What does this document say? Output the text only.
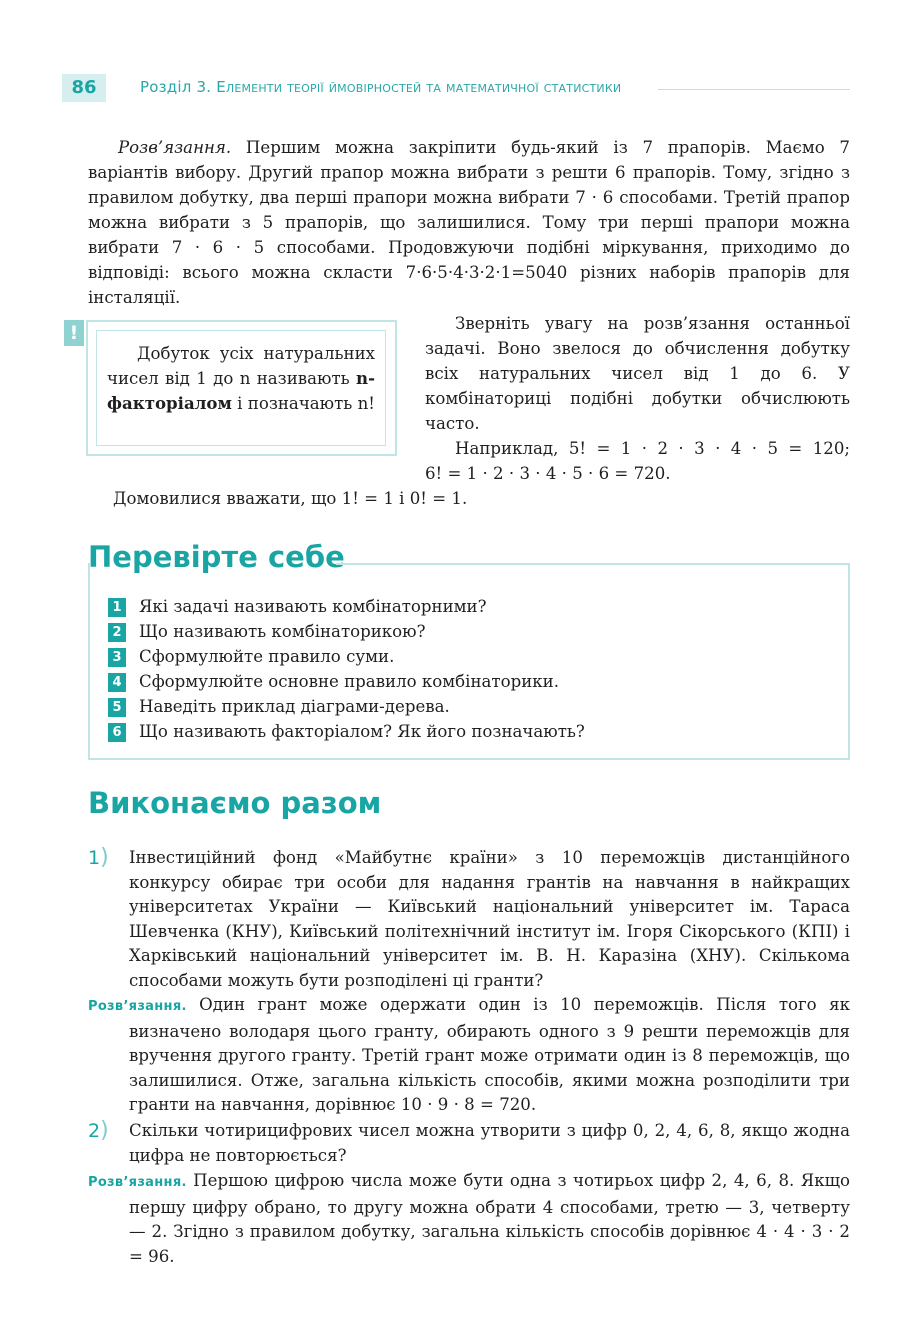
86	Розділ 3. Елементи теорії ймовірностей та математичної статистики

Розв’язання. Першим можна закріпити будь-який із 7 прапорів. Маємо 7 варіантів вибору. Другий прапор можна вибрати з решти 6 прапорів. Тому, згідно з правилом добутку, два перші прапори можна вибрати 7 · 6 способами. Третій прапор можна вибрати з 5 прапорів, що залишилися. Тому три перші прапори можна вибрати 7 · 6 · 5 способами. Продовжуючи подібні міркування, приходимо до відповіді: всього можна скласти 7·6·5·4·3·2·1=5040 різних наборів прапорів для інсталяції.

!
Добуток усіх натуральних чисел від 1 до n називають n-факторіалом і позначають n!

Зверніть увагу на розв’язання останньої задачі. Воно звелося до обчислення добутку всіх натуральних чисел від 1 до 6. У комбінаториці подібні добутки обчислюють часто.

Наприклад, 5! = 1 · 2 · 3 · 4 · 5 = 120;

6! = 1 · 2 · 3 · 4 · 5 · 6 = 720.

Домовилися вважати, що 1! = 1 і 0! = 1.

Перевірте себе
1 Які задачі називають комбінаторними?
2 Що називають комбінаторикою?
3 Сформулюйте правило суми.
4 Сформулюйте основне правило комбінаторики.
5 Наведіть приклад діаграми-дерева.
6 Що називають факторіалом? Як його позначають?
Виконаємо разом
1) Інвестиційний фонд «Майбутнє країни» з 10 переможців дистанційного конкурсу обирає три особи для надання грантів на навчання в найкращих університетах України — Київський національний університет ім. Тараса Шевченка (КНУ), Київський політехнічний інститут ім. Ігоря Сікорського (КПІ) і Харківський національний університет ім. В. Н. Каразіна (ХНУ). Скількома способами можуть бути розподілені ці гранти?

Розв’язання. Один грант може одержати один із 10 переможців. Після того як визначено володаря цього гранту, обирають одного з 9 решти переможців для вручення другого гранту. Третій грант може отримати один із 8 переможців, що залишилися. Отже, загальна кількість способів, якими можна розподілити три гранти на навчання, дорівнює 10 · 9 · 8 = 720.

2) Скільки чотирицифрових чисел можна утворити з цифр 0, 2, 4, 6, 8, якщо жодна цифра не повторюється?

Розв’язання. Першою цифрою числа може бути одна з чотирьох цифр 2, 4, 6, 8. Якщо першу цифру обрано, то другу можна обрати 4 способами, третю — 3, четверту — 2. Згідно з правилом добутку, загальна кількість способів дорівнює 4 · 4 · 3 · 2 = 96.
